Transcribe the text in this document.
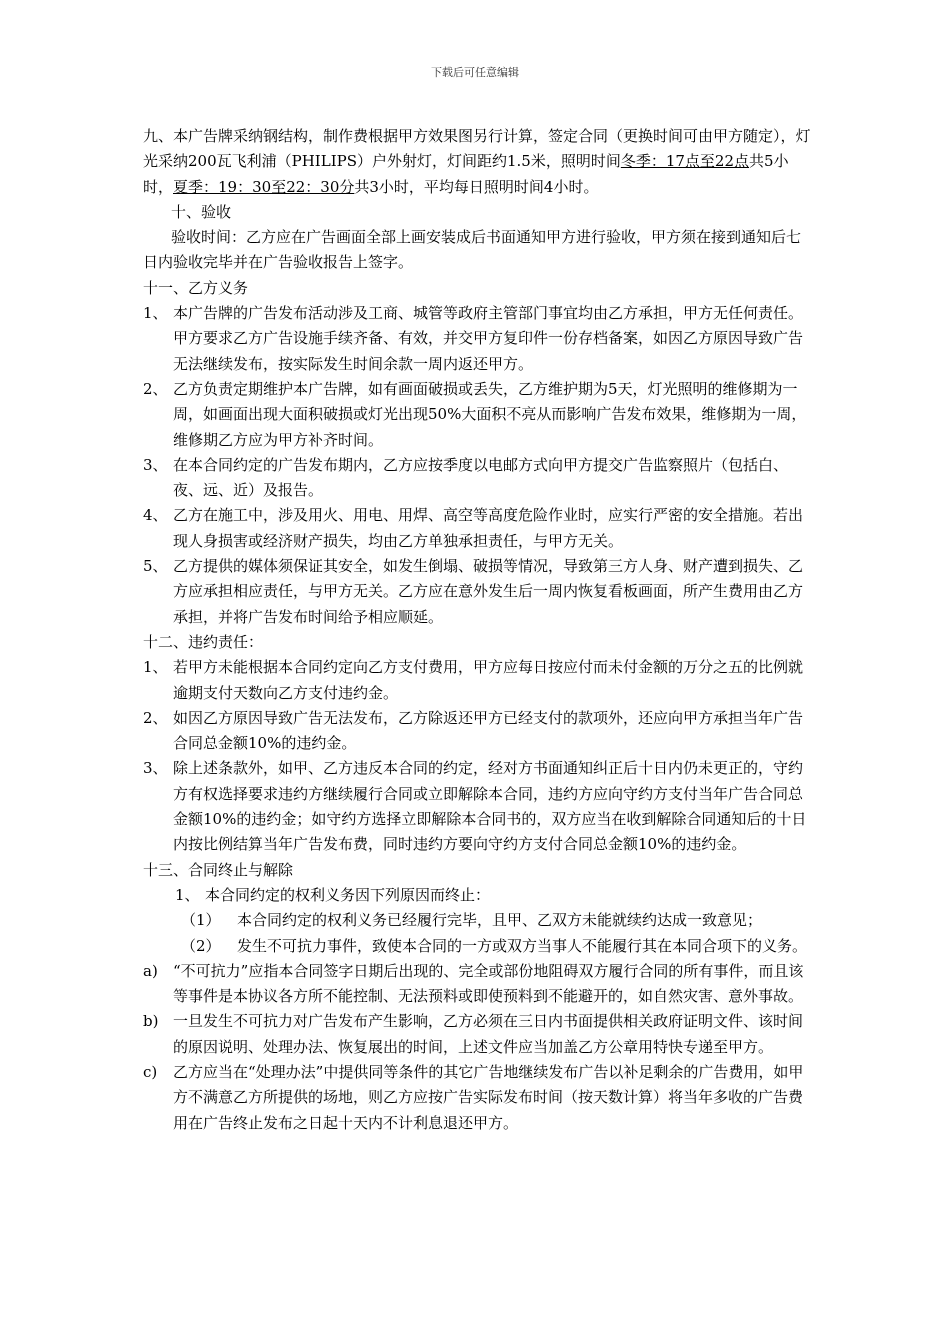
下载后可任意编辑

九、本广告牌采纳钢结构，制作费根据甲方效果图另行计算，签定合同（更换时间可由甲方随定），灯光采纳200瓦飞利浦（PHILIPS）户外射灯，灯间距约1.5米，照明时间冬季：17点至22点共5小时，夏季：19：30至22：30分共3小时，平均每日照明时间4小时。

十、验收

验收时间：乙方应在广告画面全部上画安装成后书面通知甲方进行验收，甲方须在接到通知后七日内验收完毕并在广告验收报告上签字。

十一、乙方义务

1、 本广告牌的广告发布活动涉及工商、城管等政府主管部门事宜均由乙方承担，甲方无任何责任。甲方要求乙方广告设施手续齐备、有效，并交甲方复印件一份存档备案，如因乙方原因导致广告无法继续发布，按实际发生时间余款一周内返还甲方。
2、 乙方负责定期维护本广告牌，如有画面破损或丢失，乙方维护期为5天，灯光照明的维修期为一周，如画面出现大面积破损或灯光出现50%大面积不亮从而影响广告发布效果，维修期为一周，维修期乙方应为甲方补齐时间。
3、 在本合同约定的广告发布期内，乙方应按季度以电邮方式向甲方提交广告监察照片（包括白、夜、远、近）及报告。
4、 乙方在施工中，涉及用火、用电、用焊、高空等高度危险作业时，应实行严密的安全措施。若出现人身损害或经济财产损失，均由乙方单独承担责任，与甲方无关。
5、 乙方提供的媒体须保证其安全，如发生倒塌、破损等情况，导致第三方人身、财产遭到损失、乙方应承担相应责任，与甲方无关。乙方应在意外发生后一周内恢复看板画面，所产生费用由乙方承担，并将广告发布时间给予相应顺延。

十二、违约责任：

1、 若甲方未能根据本合同约定向乙方支付费用，甲方应每日按应付而未付金额的万分之五的比例就逾期支付天数向乙方支付违约金。
2、 如因乙方原因导致广告无法发布，乙方除返还甲方已经支付的款项外，还应向甲方承担当年广告合同总金额10%的违约金。
3、 除上述条款外，如甲、乙方违反本合同的约定，经对方书面通知纠正后十日内仍未更正的，守约方有权选择要求违约方继续履行合同或立即解除本合同，违约方应向守约方支付当年广告合同总金额10%的违约金；如守约方选择立即解除本合同书的，双方应当在收到解除合同通知后的十日内按比例结算当年广告发布费，同时违约方要向守约方支付合同总金额10%的违约金。

十三、合同终止与解除

1、 本合同约定的权利义务因下列原因而终止：
（1）	本合同约定的权利义务已经履行完毕，且甲、乙双方未能就续约达成一致意见；
（2）	发生不可抗力事件，致使本合同的一方或双方当事人不能履行其在本同合项下的义务。
a)	“不可抗力”应指本合同签字日期后出现的、完全或部份地阻碍双方履行合同的所有事件，而且该等事件是本协议各方所不能控制、无法预料或即使预料到不能避开的，如自然灾害、意外事故。
b) 一旦发生不可抗力对广告发布产生影响，乙方必须在三日内书面提供相关政府证明文件、该时间的原因说明、处理办法、恢复展出的时间，上述文件应当加盖乙方公章用特快专递至甲方。
c)	乙方应当在“处理办法”中提供同等条件的其它广告地继续发布广告以补足剩余的广告费用，如甲方不满意乙方所提供的场地，则乙方应按广告实际发布时间（按天数计算）将当年多收的广告费用在广告终止发布之日起十天内不计利息退还甲方。
